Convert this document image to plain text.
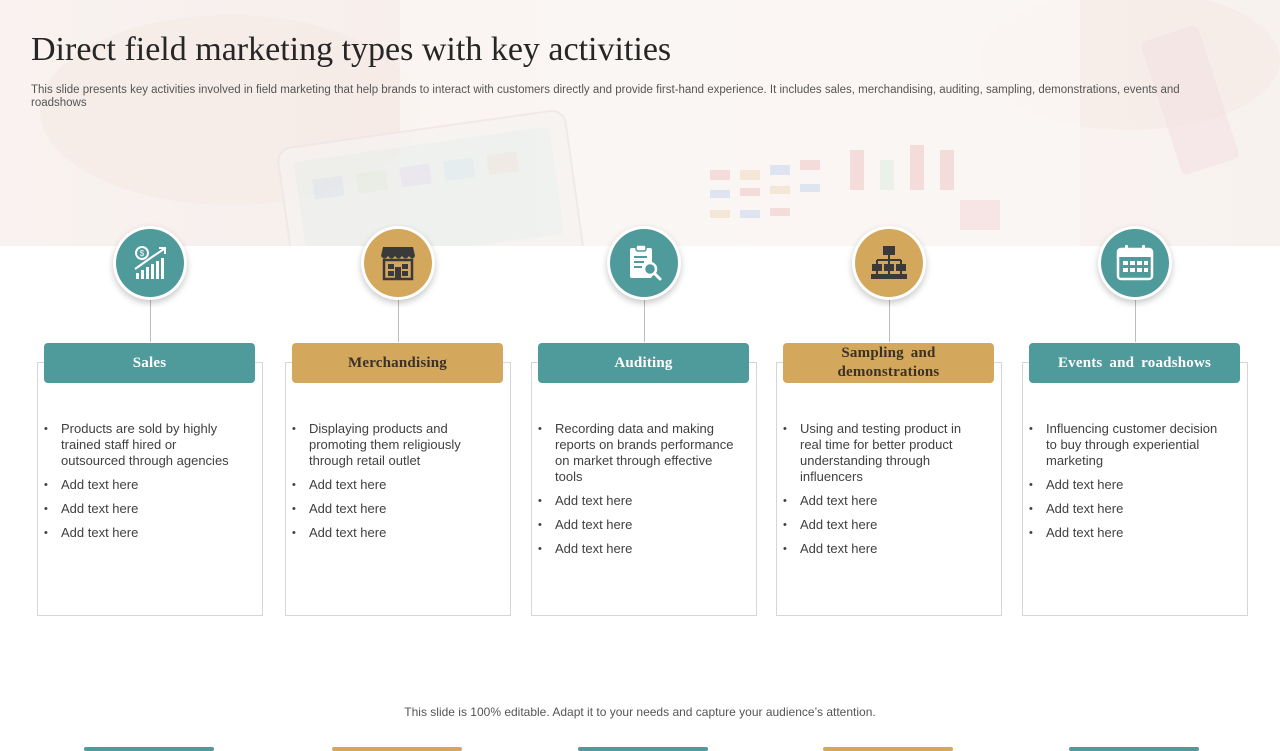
Direct field marketing types with key activities

This slide presents key activities involved in field marketing that help brands to interact with customers directly and provide first-hand experience. It includes sales, merchandising, auditing, sampling, demonstrations, events and roadshows

$
Sales
• Products are sold by highly trained staff hired or outsourced through agencies
• Add text here
• Add text here
• Add text here
Merchandising
• Displaying products and promoting them religiously through retail outlet
• Add text here
• Add text here
• Add text here
Auditing
• Recording data and making reports on brands performance on market through effective tools
• Add text here
• Add text here
• Add text here
Sampling and demonstrations
• Using and testing product in real time for better product understanding through influencers
• Add text here
• Add text here
• Add text here
Events and roadshows
• Influencing customer decision to buy through experiential marketing
• Add text here
• Add text here
• Add text here

This slide is 100% editable. Adapt it to your needs and capture your audience’s attention.
